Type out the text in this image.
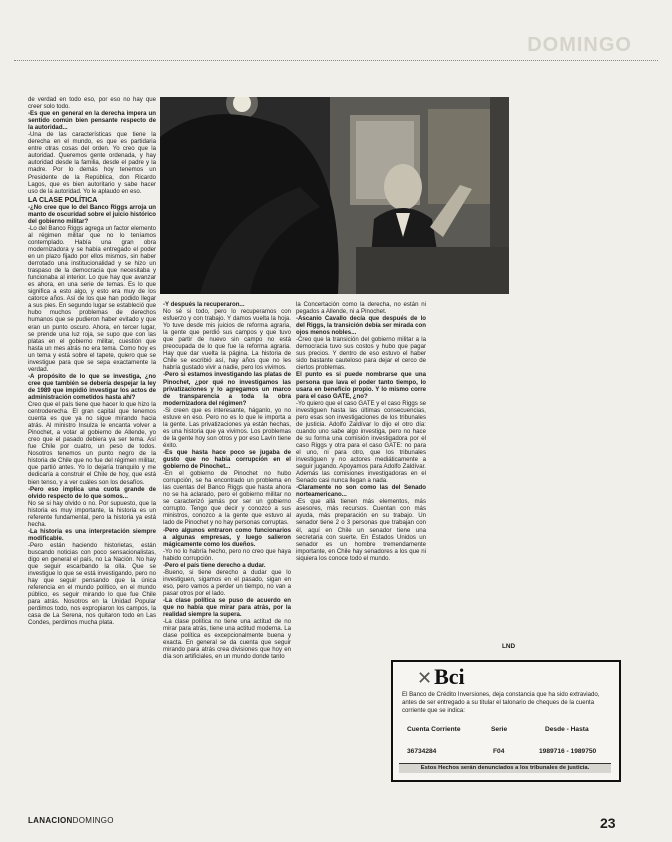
DOMINGO

de verdad en todo eso, por eso no hay que creer solo todo.

-Es que en general en la derecha impera un sentido común bien pensante respecto de la autoridad...

-Una de las características que tiene la derecha en el mundo, es que es partidaria entre otras cosas del orden. Yo creo que la autoridad. Queremos gente ordenada, y hay autoridad desde la familia, desde el padre y la madre. Por lo demás hoy tenemos un Presidente de la República, don Ricardo Lagos, que es bien autoritario y sabe hacer uso de la autoridad. Yo le aplaudo en eso.

LA CLASE POLÍTICA

-¿No cree que lo del Banco Riggs arroja un manto de oscuridad sobre el juicio histórico del gobierno militar?

-Lo del Banco Riggs agrega un factor elemento al régimen militar que no lo teníamos contemplado. Había una gran obra modernizadora y se había entregado el poder en un plazo fijado por ellos mismos, sin haber derrotado una institucionalidad y se hizo un traspaso de la democracia que necesitaba y funcionaba al interior. Lo que hay que avanzar es ahora, en una serie de temas. Es lo que significa a esto algo, y esto era muy de los catorce años. Así de los que han podido llegar a sus pies. En segundo lugar se estableció que hubo muchos problemas de derechos humanos que se pudieron haber evitado y que eran un punto oscuro. Ahora, en tercer lugar, se prende una luz roja, se supo que con las platas en el gobierno militar, cuestión que hasta un mes atrás no era tema. Como hoy es un tema y está sobre el tapete, quiero que se investigue para que se sepa exactamente la verdad.

-A propósito de lo que se investiga, ¿no cree que también se debería despejar la ley de 1989 que impidió investigar los actos de administración cometidos hasta ahí?

Creo que el país tiene que hacer lo que hizo la centroderecha. El gran capital que tenemos cuenta es que ya no sigue mirando hacia atrás. Al ministro Insulza le encanta volver a Pinochet, a votar al gobierno de Allende, yo creo que el pasado debiera ya ser tema. Así fue Chile por cuatro, un peso de todos. Nosotros tenemos un punto negro de la historia de Chile que no fue del régimen militar, que partió antes. Yo lo dejaría tranquilo y me dedicaría a construir el Chile de hoy, que está bien tenso, y a ver cuáles son los desafíos.

-Pero eso implica una cuota grande de olvido respecto de lo que somos...

No se si hay olvido o no. Por supuesto, que la historia es muy importante, la historia es un referente fundamental, pero la historia ya está hecha.

-La historia es una interpretación siempre modificable.

-Pero están haciendo historietas, están buscando noticias con poco sensacionalistas, digo en general el país, no La Nación. No hay que seguir escarbando la olla. Que se investigue lo que se está investigando, pero no hay que seguir pensando que la única referencia en el mundo político, en el mundo público, es seguir mirando lo que fue Chile para atrás. Nosotros en la Unidad Popular perdimos todo, nos expropiaron los campos, la casa de La Serena, nos quitaron todo en Las Condes, perdimos mucha plata.

-Y después la recuperaron...

No sé si todo, pero lo recuperamos con esfuerzo y con trabajo. Y damos vuelta la hoja. Yo tuve desde mis juicios de reforma agraria, la gente que perdió sus campos y que tuvo que partir de nuevo sin campo no está preocupada de lo que fue la reforma agraria. Hay que dar vuelta la página. La historia de Chile se escribió así, hay años que no les habría gustado vivir a nadie, pero los vivimos.

-Pero si estamos investigando las platas de Pinochet, ¿por qué no investigamos las privatizaciones y lo agregamos un marco de transparencia a toda la obra modernizadora del régimen?

-Si creen que es interesante, háganlo, yo no estuve en eso. Pero no es lo que le importa a la gente. Las privatizaciones ya están hechas, es una historia que ya vivimos. Los problemas de la gente hoy son otros y por eso Lavín tiene éxito.

-Es que hasta hace poco se jugaba de gusto que no había corrupción en el gobierno de Pinochet...

-En el gobierno de Pinochet no hubo corrupción, se ha encontrado un problema en las cuentas del Banco Riggs que hasta ahora no se ha aclarado, pero el gobierno militar no se caracterizó jamás por ser un gobierno corrupto. Tengo que decir y conozco a sus ministros, conozco a la gente que estuvo al lado de Pinochet y no hay personas corruptas.

-Pero algunos entraron como funcionarios a algunas empresas, y luego salieron mágicamente como los dueños.

-Yo no lo habría hecho, pero no creo que haya habido corrupción.

-Pero el país tiene derecho a dudar.

-Bueno, si tiene derecho a dudar que lo investiguen, sigamos en el pasado, sigan en eso, pero vamos a perder un tiempo, no van a pasar otros por el lado.

-La clase política se puso de acuerdo en que no había que mirar para atrás, por la realidad siempre la supera.

-La clase política no tiene una actitud de no mirar para atrás, tiene una actitud moderna. La clase política es excepcionalmente buena y exacta. En general se da cuenta que seguir mirando para atrás crea divisiones que hoy en día son artificiales, en un mundo donde tanto

la Concertación como la derecha, no están ni pegados a Allende, ni a Pinochet.

-Ascanio Cavallo decía que después de lo del Riggs, la transición debía ser mirada con ojos menos nobles...

-Creo que la transición del gobierno militar a la democracia tuvo sus costos y hubo que pagar sus precios. Y dentro de eso estuvo el haber sido bastante cauteloso para dejar el cerco de ciertos problemas.

El punto es si puede nombrarse que una persona que lava el poder tanto tiempo, lo usara en beneficio propio. Y lo mismo corre para el caso GATE, ¿no?

-Yo quiero que el caso GATE y el caso Riggs se investiguen hasta las últimas consecuencias, pero esas son investigaciones de los tribunales de justicia. Adolfo Zaldívar lo dijo el otro día: cuando uno sabe algo investiga, pero no hace de su forma una comisión investigadora por el caso Riggs y otra para el caso GATE: no para el uno, ni para otro, que los tribunales investiguen y no actores mediáticamente a seguir jugando. Apoyamos para Adolfo Zaldívar. Además las comisiones investigadoras en el Senado casi nunca llegan a nada.

-Claramente no son como las del Senado norteamericano...

-Es que allá tienen más elementos, más asesores, más recursos. Cuentan con más ayuda, más preparación en su trabajo. Un senador tiene 2 o 3 personas que trabajan con él, aquí en Chile un senador tiene una secretaria con suerte. En Estados Unidos un senador es un hombre tremendamente importante, en Chile hay senadores a los que ni siquiera los conoce todo el mundo.

LND
✕Bci
El Banco de Crédito Inversiones, deja constancia que ha sido extraviado, antes de ser entregado a su titular el talonario de cheques de la cuenta corriente que se indica:
Cuenta Corriente	Serie	Desde - Hasta
36734284	F04	1989716 - 1989750
Estos Hechos serán denunciados a los tribunales de justicia.
LANACIONDOMINGO	23
